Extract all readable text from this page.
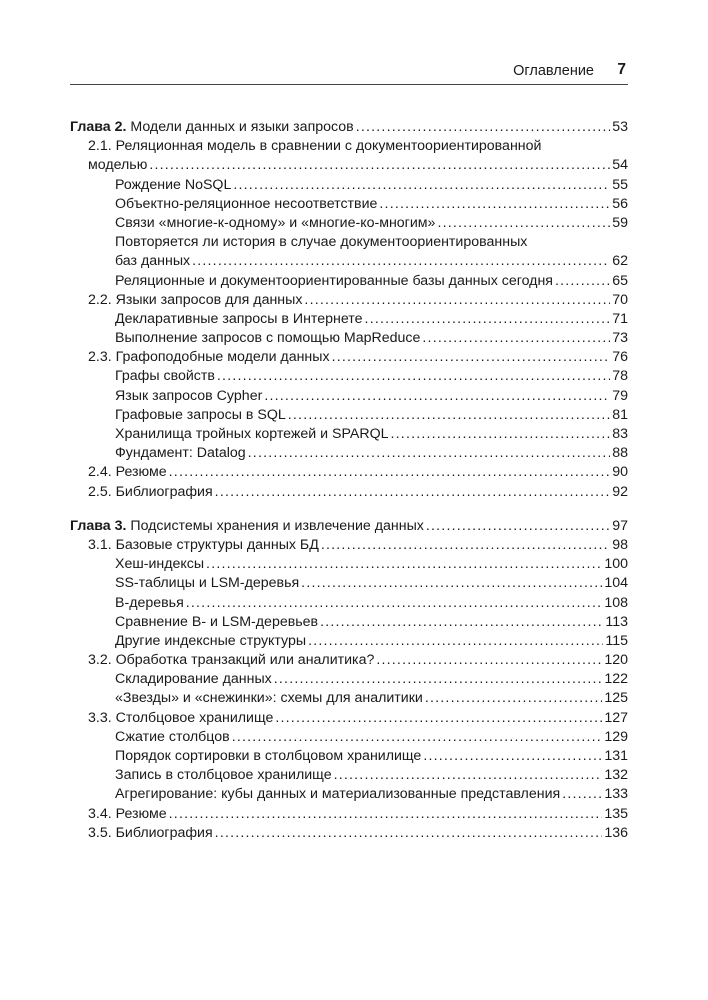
Оглавление 7
Глава 2. Модели данных и языки запросов .....	53
2.1. Реляционная модель в сравнении с документоориентированной
моделью .....	54
Рождение NoSQL .....	55
Объектно-реляционное несоответствие .....	56
Связи «многие-к-одному» и «многие-ко-многим» .....	59
Повторяется ли история в случае документоориентированных
баз данных .....	62
Реляционные и документоориентированные базы данных сегодня .....	65
2.2. Языки запросов для данных .....	70
Декларативные запросы в Интернете .....	71
Выполнение запросов с помощью MapReduce .....	73
2.3. Графоподобные модели данных .....	76
Графы свойств .....	78
Язык запросов Cypher .....	79
Графовые запросы в SQL .....	81
Хранилища тройных кортежей и SPARQL .....	83
Фундамент: Datalog .....	88
2.4. Резюме .....	90
2.5. Библиография .....	92
Глава 3. Подсистемы хранения и извлечение данных .....	97
3.1. Базовые структуры данных БД .....	98
Хеш-индексы .....	100
SS-таблицы и LSM-деревья .....	104
B-деревья .....	108
Сравнение B- и LSM-деревьев .....	113
Другие индексные структуры .....	115
3.2. Обработка транзакций или аналитика? .....	120
Складирование данных .....	122
«Звезды» и «снежинки»: схемы для аналитики .....	125
3.3. Столбцовое хранилище .....	127
Сжатие столбцов .....	129
Порядок сортировки в столбцовом хранилище .....	131
Запись в столбцовое хранилище .....	132
Агрегирование: кубы данных и материализованные представления .....	133
3.4. Резюме .....	135
3.5. Библиография .....	136
